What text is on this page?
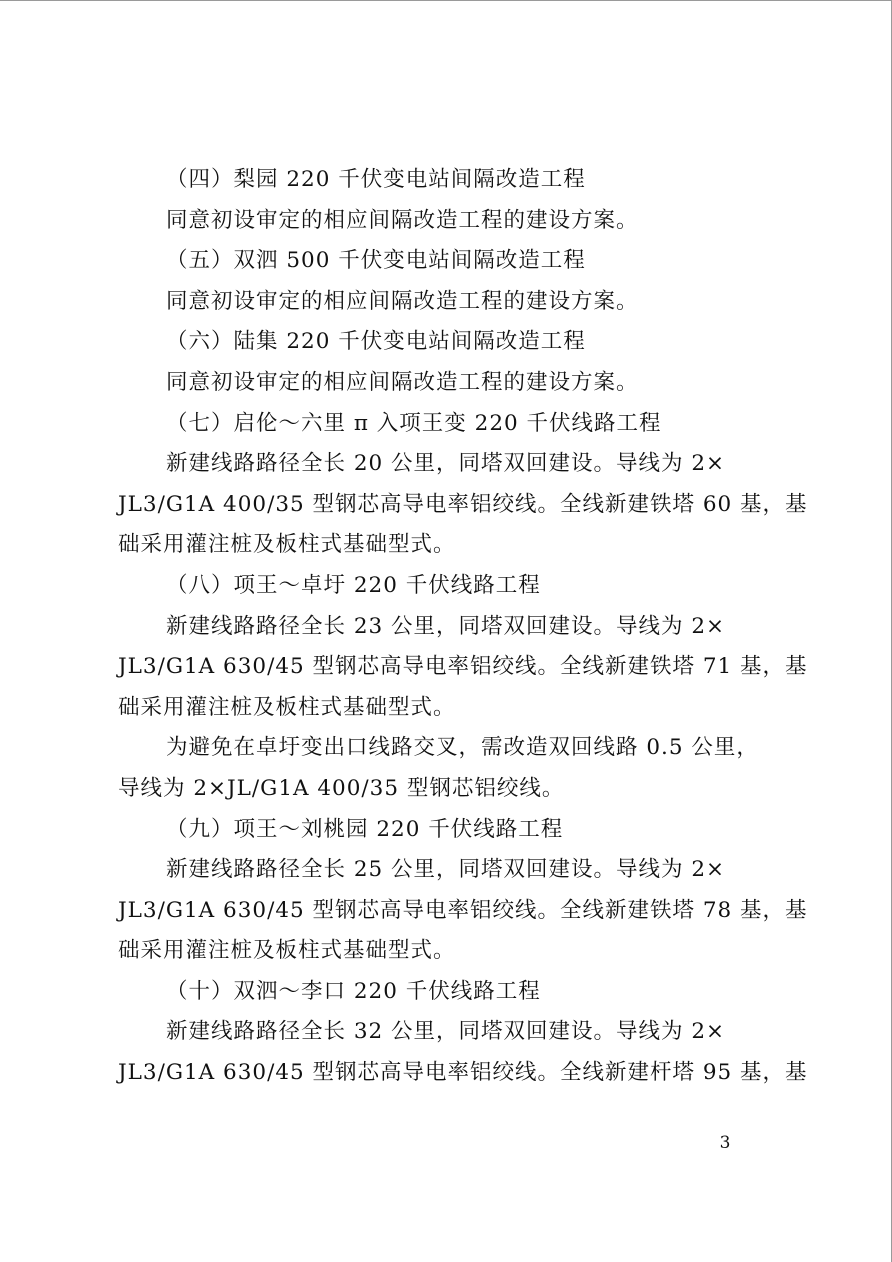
（四）梨园 220 千伏变电站间隔改造工程

同意初设审定的相应间隔改造工程的建设方案。

（五）双泗 500 千伏变电站间隔改造工程

同意初设审定的相应间隔改造工程的建设方案。

（六）陆集 220 千伏变电站间隔改造工程

同意初设审定的相应间隔改造工程的建设方案。

（七）启伦～六里 π 入项王变 220 千伏线路工程

新建线路路径全长 20 公里，同塔双回建设。导线为 2×

JL3/G1A 400/35 型钢芯高导电率铝绞线。全线新建铁塔 60 基，基

础采用灌注桩及板柱式基础型式。

（八）项王～卓圩 220 千伏线路工程

新建线路路径全长 23 公里，同塔双回建设。导线为 2×

JL3/G1A 630/45 型钢芯高导电率铝绞线。全线新建铁塔 71 基，基

础采用灌注桩及板柱式基础型式。

为避免在卓圩变出口线路交叉，需改造双回线路 0.5 公里，

导线为 2×JL/G1A 400/35 型钢芯铝绞线。

（九）项王～刘桃园 220 千伏线路工程

新建线路路径全长 25 公里，同塔双回建设。导线为 2×

JL3/G1A 630/45 型钢芯高导电率铝绞线。全线新建铁塔 78 基，基

础采用灌注桩及板柱式基础型式。

（十）双泗～李口 220 千伏线路工程

新建线路路径全长 32 公里，同塔双回建设。导线为 2×

JL3/G1A 630/45 型钢芯高导电率铝绞线。全线新建杆塔 95 基，基

3
